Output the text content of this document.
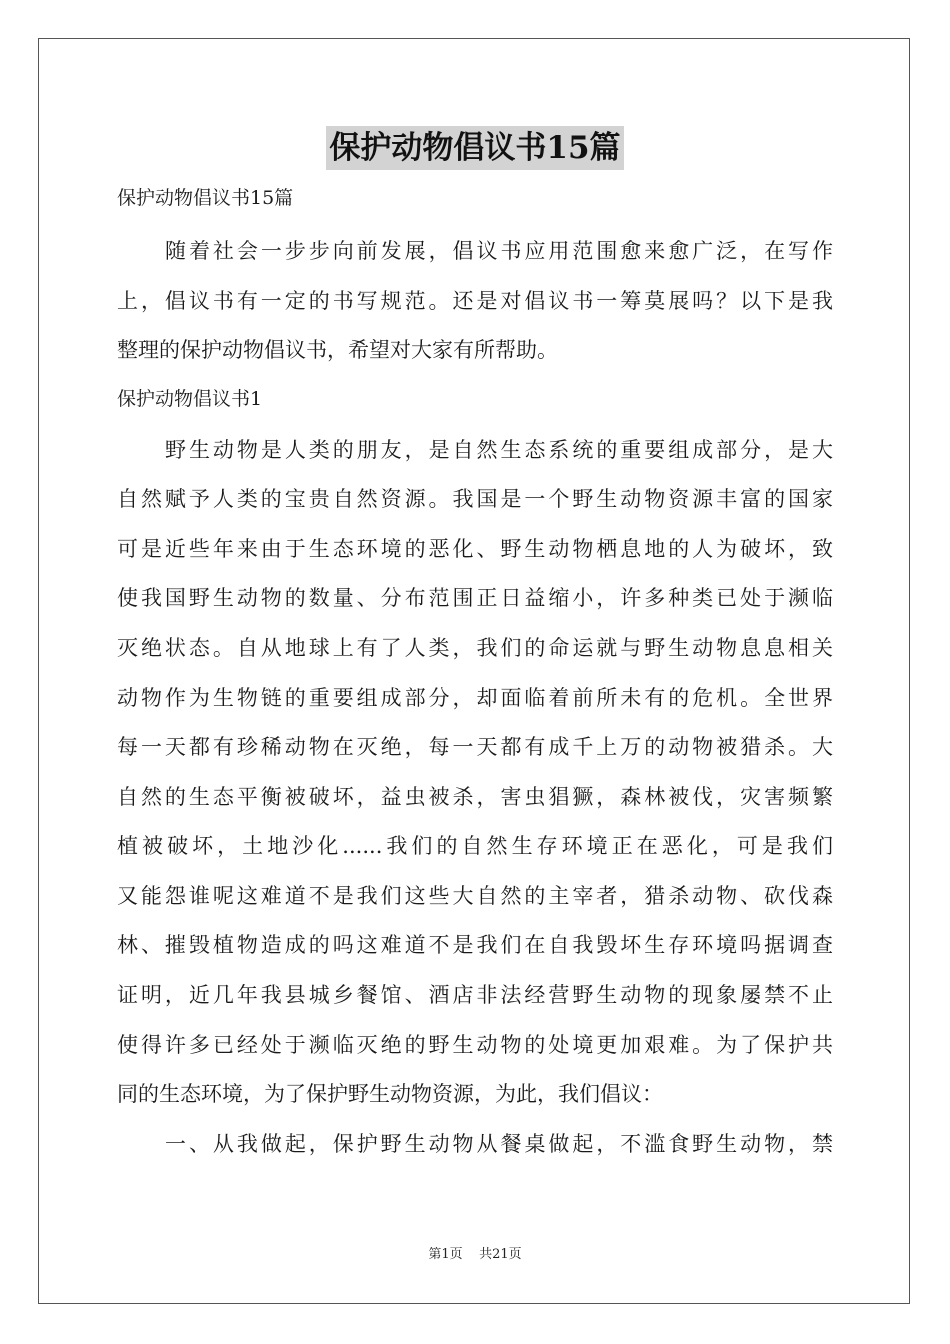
保护动物倡议书15篇
保护动物倡议书15篇
随着社会一步步向前发展，倡议书应用范围愈来愈广泛，在写作
上，倡议书有一定的书写规范。还是对倡议书一筹莫展吗？以下是我
整理的保护动物倡议书，希望对大家有所帮助。
保护动物倡议书1
野生动物是人类的朋友，是自然生态系统的重要组成部分，是大
自然赋予人类的宝贵自然资源。我国是一个野生动物资源丰富的国家
可是近些年来由于生态环境的恶化、野生动物栖息地的人为破坏，致
使我国野生动物的数量、分布范围正日益缩小，许多种类已处于濒临
灭绝状态。自从地球上有了人类，我们的命运就与野生动物息息相关
动物作为生物链的重要组成部分，却面临着前所未有的危机。全世界
每一天都有珍稀动物在灭绝，每一天都有成千上万的动物被猎杀。大
自然的生态平衡被破坏，益虫被杀，害虫猖獗，森林被伐，灾害频繁
植被破坏，土地沙化......我们的自然生存环境正在恶化，可是我们
又能怨谁呢这难道不是我们这些大自然的主宰者，猎杀动物、砍伐森
林、摧毁植物造成的吗这难道不是我们在自我毁坏生存环境吗据调查
证明，近几年我县城乡餐馆、酒店非法经营野生动物的现象屡禁不止
使得许多已经处于濒临灭绝的野生动物的处境更加艰难。为了保护共
同的生态环境，为了保护野生动物资源，为此，我们倡议：
一、从我做起，保护野生动物从餐桌做起，不滥食野生动物，禁
第1页 共21页
